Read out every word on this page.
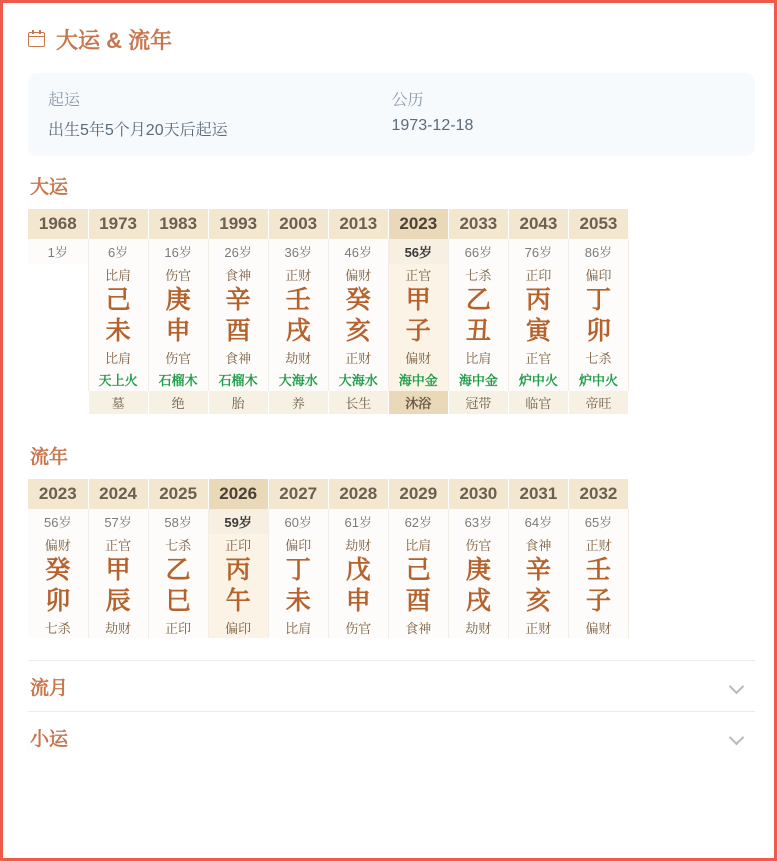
大运 & 流年
起运
出生5年5个月20天后起运
公历
1973-12-18
大运
1968	1973	1983	1993	2003	2013	2023	2033	2043	2053
1岁	6岁	16岁	26岁	36岁	46岁	56岁	66岁	76岁	86岁
	比肩	伤官	食神	正财	偏财	正官	七杀	正印	偏印
	己	庚	辛	壬	癸	甲	乙	丙	丁
	未	申	酉	戌	亥	子	丑	寅	卯
	比肩	伤官	食神	劫财	正财	偏财	比肩	正官	七杀
	天上火	石榴木	石榴木	大海水	大海水	海中金	海中金	炉中火	炉中火
	墓	绝	胎	养	长生	沐浴	冠带	临官	帝旺
流年
2023	2024	2025	2026	2027	2028	2029	2030	2031	2032
56岁	57岁	58岁	59岁	60岁	61岁	62岁	63岁	64岁	65岁
偏财	正官	七杀	正印	偏印	劫财	比肩	伤官	食神	正财
癸	甲	乙	丙	丁	戊	己	庚	辛	壬
卯	辰	巳	午	未	申	酉	戌	亥	子
七杀	劫财	正印	偏印	比肩	伤官	食神	劫财	正财	偏财
流月
小运
